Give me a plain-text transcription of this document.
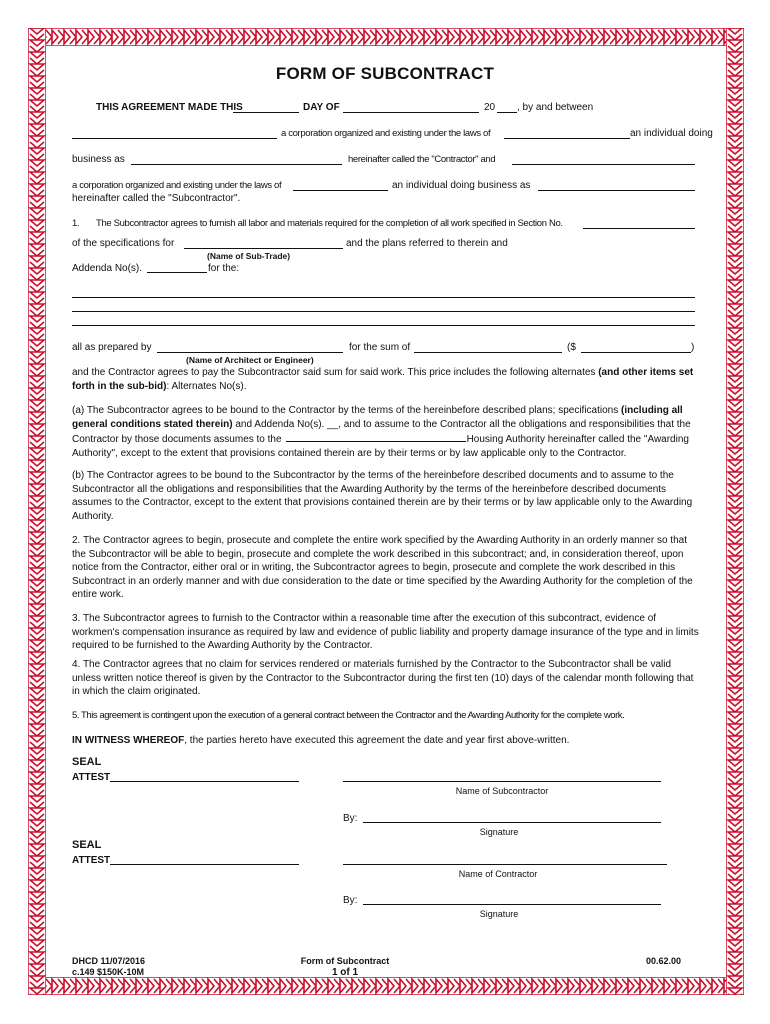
FORM OF SUBCONTRACT
THIS AGREEMENT MADE THIS	DAY OF	20 , by and between
a corporation organized and existing under the laws of	an individual doing
business as	hereinafter called the "Contractor" and
a corporation organized and existing under the laws of	an individual doing business as
hereinafter called the "Subcontractor".
1. The Subcontractor agrees to furnish all labor and materials required for the completion of all work specified in Section No.
of the specifications for	and the plans referred to therein and
(Name of Sub-Trade)
Addenda No(s).	for the:
all as prepared by	for the sum of	($	)
(Name of Architect or Engineer)
and the Contractor agrees to pay the Subcontractor said sum for said work. This price includes the following alternates (and other items set forth in the sub-bid): Alternates No(s).
(a) The Subcontractor agrees to be bound to the Contractor by the terms of the hereinbefore described plans; specifications (including all general conditions stated therein) and Addenda No(s). __, and to assume to the Contractor all the obligations and responsibilities that the Contractor by those documents assumes to the	Housing Authority hereinafter called the "Awarding Authority", except to the extent that provisions contained therein are by their terms or by law applicable only to the Contractor.
(b) The Contractor agrees to be bound to the Subcontractor by the terms of the hereinbefore described documents and to assume to the Subcontractor all the obligations and responsibilities that the Awarding Authority by the terms of the hereinbefore described documents assumes to the Contractor, except to the extent that provisions contained therein are by their terms or by law applicable only to the Awarding Authority.
2. The Contractor agrees to begin, prosecute and complete the entire work specified by the Awarding Authority in an orderly manner so that the Subcontractor will be able to begin, prosecute and complete the work described in this subcontract; and, in consideration thereof, upon notice from the Contractor, either oral or in writing, the Subcontractor agrees to begin, prosecute and complete the work described in this Subcontract in an orderly manner and with due consideration to the date or time specified by the Awarding Authority for the completion of the entire work.
3. The Subcontractor agrees to furnish to the Contractor within a reasonable time after the execution of this subcontract, evidence of workmen's compensation insurance as required by law and evidence of public liability and property damage insurance of the type and in limits required to be furnished to the Awarding Authority by the Contractor.
4. The Contractor agrees that no claim for services rendered or materials furnished by the Contractor to the Subcontractor shall be valid unless written notice thereof is given by the Contractor to the Subcontractor during the first ten (10) days of the calendar month following that in which the claim originated.
5. This agreement is contingent upon the execution of a general contract between the Contractor and the Awarding Authority for the complete work.
IN WITNESS WHEREOF, the parties hereto have executed this agreement the date and year first above-written.
SEAL
ATTEST
Name of Subcontractor
By:
Signature
SEAL
ATTEST
Name of Contractor
By:
Signature
DHCD 11/07/2016
c.149 $150K-10M
Form of Subcontract
1 of 1
00.62.00
